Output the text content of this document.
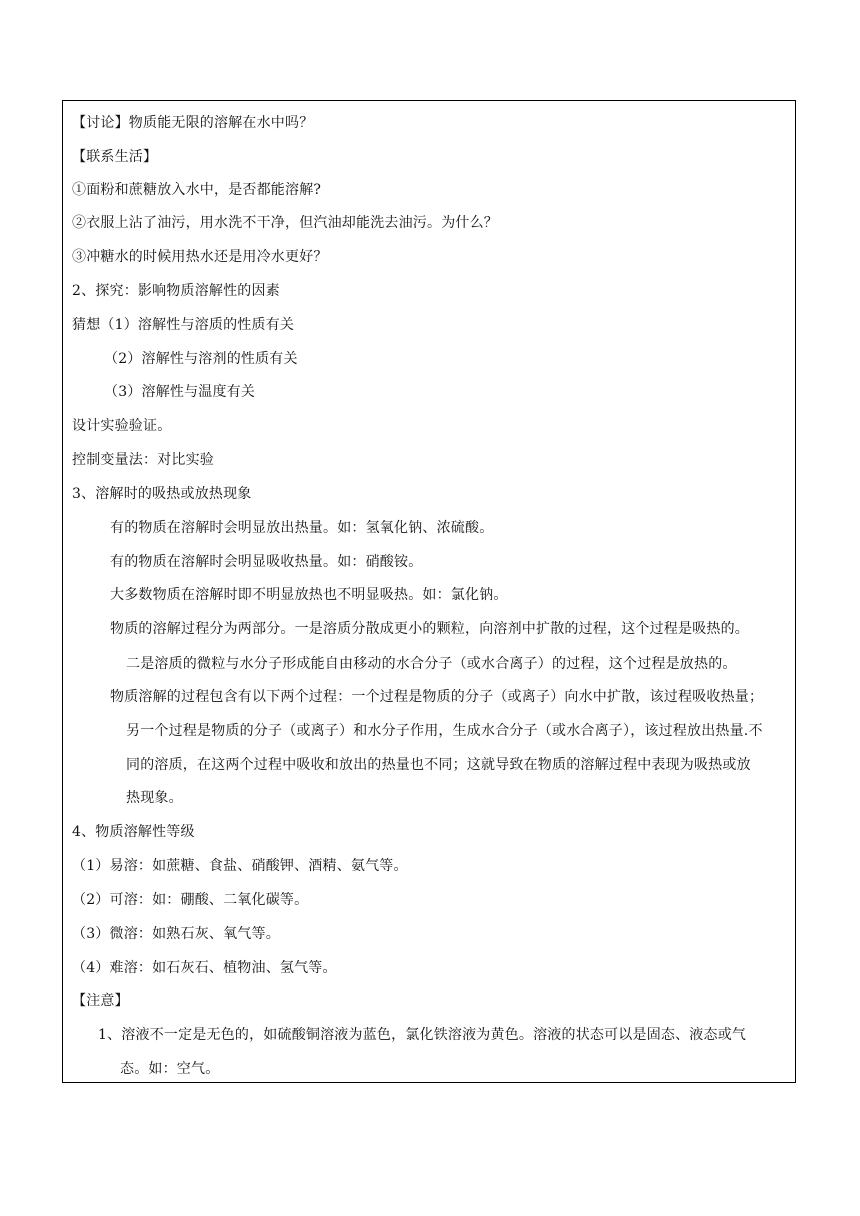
【讨论】物质能无限的溶解在水中吗？
【联系生活】
①面粉和蔗糖放入水中，是否都能溶解?
②衣服上沾了油污，用水洗不干净，但汽油却能洗去油污。为什么？
③冲糖水的时候用热水还是用冷水更好？
2、探究：影响物质溶解性的因素
猜想（1）溶解性与溶质的性质有关
（2）溶解性与溶剂的性质有关
（3）溶解性与温度有关
设计实验验证。
控制变量法：对比实验
3、溶解时的吸热或放热现象
有的物质在溶解时会明显放出热量。如：氢氧化钠、浓硫酸。
有的物质在溶解时会明显吸收热量。如：硝酸铵。
大多数物质在溶解时即不明显放热也不明显吸热。如：氯化钠。
物质的溶解过程分为两部分。一是溶质分散成更小的颗粒，向溶剂中扩散的过程，这个过程是吸热的。
二是溶质的微粒与水分子形成能自由移动的水合分子（或水合离子）的过程，这个过程是放热的。
物质溶解的过程包含有以下两个过程：一个过程是物质的分子（或离子）向水中扩散，该过程吸收热量；
另一个过程是物质的分子（或离子）和水分子作用，生成水合分子（或水合离子），该过程放出热量.不
同的溶质，在这两个过程中吸收和放出的热量也不同；这就导致在物质的溶解过程中表现为吸热或放
热现象。
4、物质溶解性等级
（1）易溶：如蔗糖、食盐、硝酸钾、酒精、氨气等。
（2）可溶：如：硼酸、二氧化碳等。
（3）微溶：如熟石灰、氧气等。
（4）难溶：如石灰石、植物油、氢气等。
【注意】
1、溶液不一定是无色的，如硫酸铜溶液为蓝色，氯化铁溶液为黄色。溶液的状态可以是固态、液态或气
态。如：空气。
